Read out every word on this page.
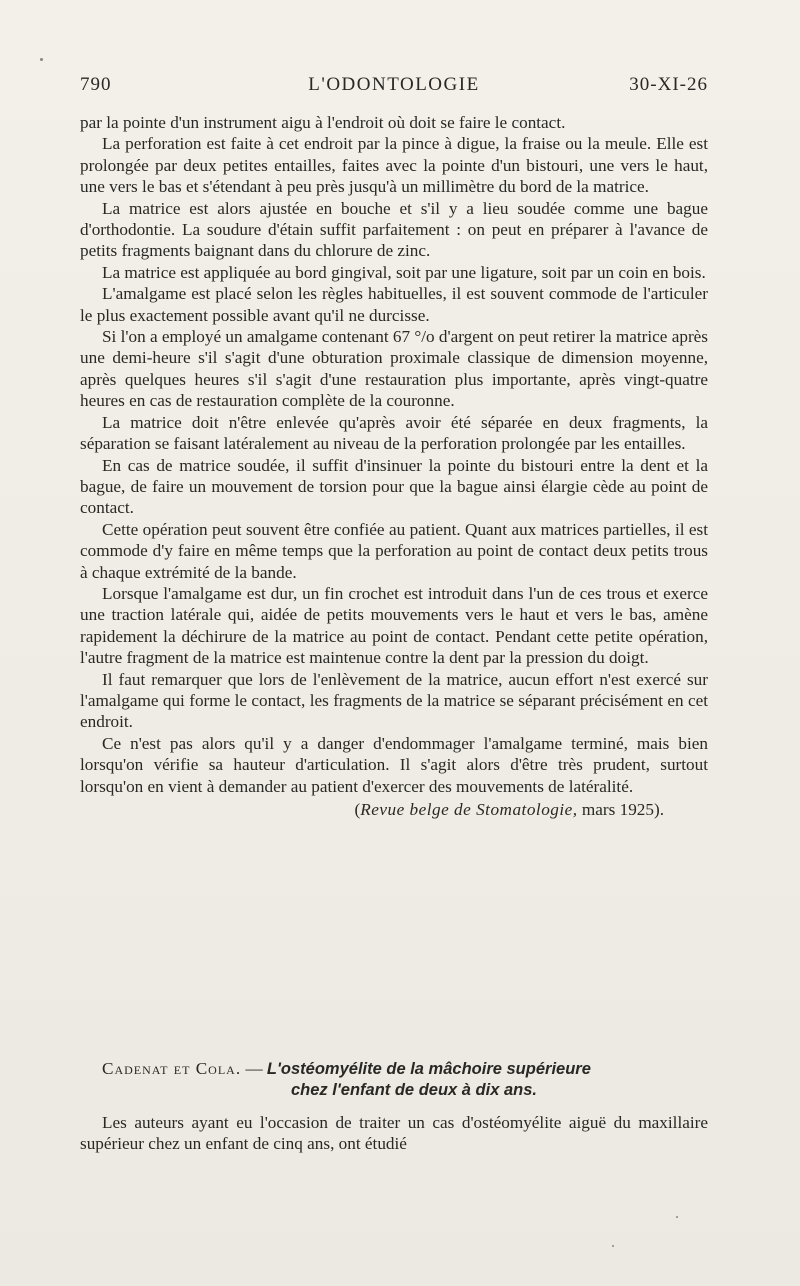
790	L'ODONTOLOGIE	30-XI-26

par la pointe d'un instrument aigu à l'endroit où doit se faire le contact.

La perforation est faite à cet endroit par la pince à digue, la fraise ou la meule. Elle est prolongée par deux petites entailles, faites avec la pointe d'un bistouri, une vers le haut, une vers le bas et s'étendant à peu près jusqu'à un millimètre du bord de la matrice.

La matrice est alors ajustée en bouche et s'il y a lieu soudée comme une bague d'orthodontie. La soudure d'étain suffit parfaitement : on peut en préparer à l'avance de petits fragments baignant dans du chlorure de zinc.

La matrice est appliquée au bord gingival, soit par une ligature, soit par un coin en bois.

L'amalgame est placé selon les règles habituelles, il est souvent commode de l'articuler le plus exactement possible avant qu'il ne durcisse.

Si l'on a employé un amalgame contenant 67 °/o d'argent on peut retirer la matrice après une demi-heure s'il s'agit d'une obturation proximale classique de dimension moyenne, après quelques heures s'il s'agit d'une restauration plus importante, après vingt-quatre heures en cas de restauration complète de la couronne.

La matrice doit n'être enlevée qu'après avoir été séparée en deux fragments, la séparation se faisant latéralement au niveau de la perforation prolongée par les entailles.

En cas de matrice soudée, il suffit d'insinuer la pointe du bistouri entre la dent et la bague, de faire un mouvement de torsion pour que la bague ainsi élargie cède au point de contact.

Cette opération peut souvent être confiée au patient. Quant aux matrices partielles, il est commode d'y faire en même temps que la perforation au point de contact deux petits trous à chaque extrémité de la bande.

Lorsque l'amalgame est dur, un fin crochet est introduit dans l'un de ces trous et exerce une traction latérale qui, aidée de petits mouvements vers le haut et vers le bas, amène rapidement la déchirure de la matrice au point de contact. Pendant cette petite opération, l'autre fragment de la matrice est maintenue contre la dent par la pression du doigt.

Il faut remarquer que lors de l'enlèvement de la matrice, aucun effort n'est exercé sur l'amalgame qui forme le contact, les fragments de la matrice se séparant précisément en cet endroit.

Ce n'est pas alors qu'il y a danger d'endommager l'amalgame terminé, mais bien lorsqu'on vérifie sa hauteur d'articulation. Il s'agit alors d'être très prudent, surtout lorsqu'on en vient à demander au patient d'exercer des mouvements de latéralité.

(Revue belge de Stomatologie, mars 1925).
Cadenat et Cola. — L'ostéomyélite de la mâchoire supérieure
chez l'enfant de deux à dix ans.

Les auteurs ayant eu l'occasion de traiter un cas d'ostéomyélite aiguë du maxillaire supérieur chez un enfant de cinq ans, ont étudié
